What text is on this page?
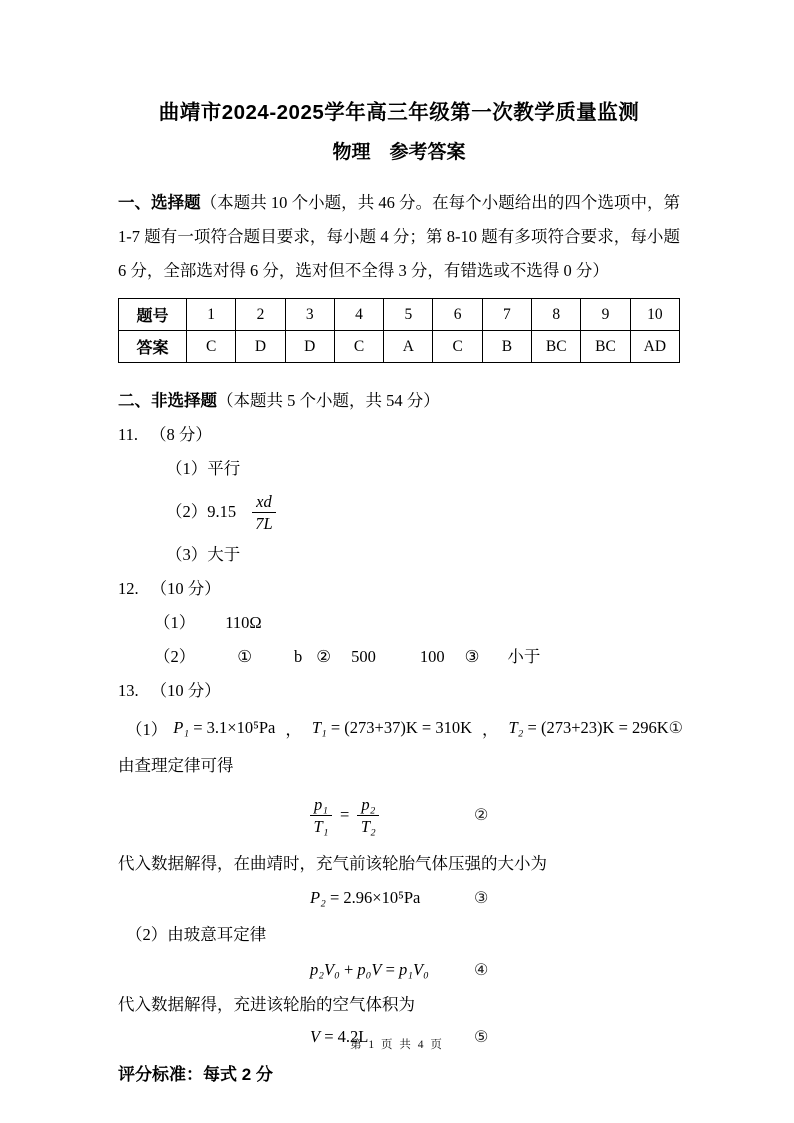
曲靖市2024-2025学年高三年级第一次教学质量监测
物理　参考答案
一、选择题（本题共 10 个小题，共 46 分。在每个小题给出的四个选项中，第 1-7 题有一项符合题目要求，每小题 4 分；第 8-10 题有多项符合要求，每小题 6 分，全部选对得 6 分，选对但不全得 3 分，有错选或不选得 0 分）
题号	1	2	3	4	5	6	7	8	9	10
答案	C	D	D	C	A	C	B	BC	BC	AD
二、非选择题（本题共 5 个小题，共 54 分）
11. （8 分）
（1）平行
$(2)9.15 \frac{xd}{7L}$
（3）大于
12. （10 分）
（1） 110Ω
（2）	①	b ② 500	100 ③ 小于
13. （10 分）
（1） P₁ = 3.1×10⁵Pa ， T₁ = (273+37)K = 310K ， T₂ = (273+23)K = 296K ①
由查理定律可得
$\frac{\text{p₁}}{\text{T₁}} = \frac{\text{p₂}}{\text{T₂}}$	②
代入数据解得，在曲靖时，充气前该轮胎气体压强的大小为
P₂ = 2.96×10⁵Pa	③
（2）由玻意耳定律
p₂V₀ + p₀V = p₁V₀	④
代入数据解得，充进该轮胎的空气体积为
V = 4.2L	⑤
评分标准：每式 2 分
第 1 页 共 4 页
